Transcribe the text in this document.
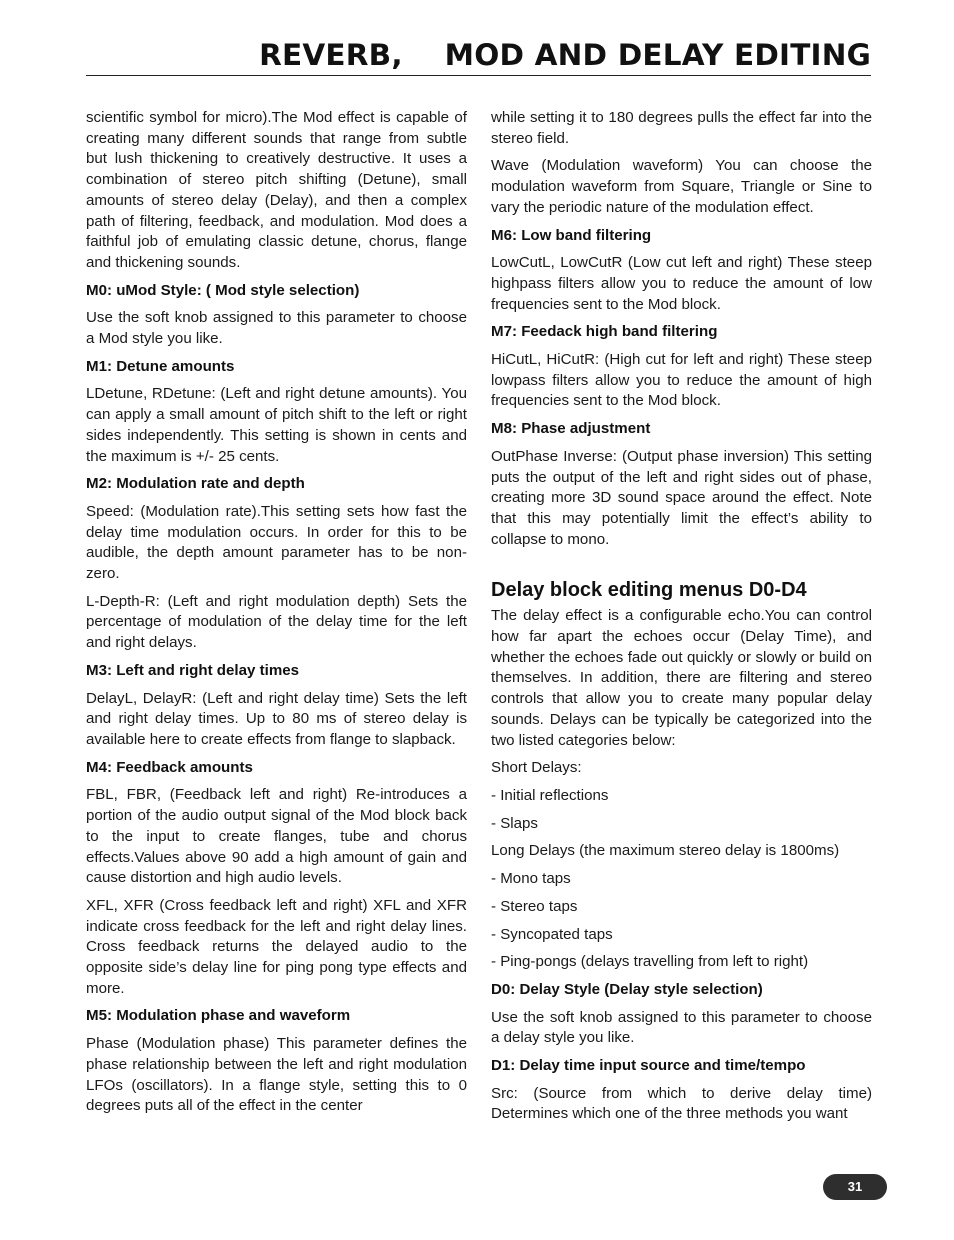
REVERB,    MOD AND DELAY EDITING

scientific symbol for micro).The Mod effect is capable of creating many different sounds that range from subtle but lush thickening to creatively destructive. It uses a combination of stereo pitch shifting (Detune), small amounts of stereo delay (Delay), and then a complex path of filtering, feedback, and modulation. Mod does a faithful job of emulating classic detune, chorus, flange and thickening sounds.

M0: uMod Style: ( Mod style selection)

Use the soft knob assigned to this parameter to choose a Mod style you like.

M1: Detune amounts

LDetune, RDetune: (Left and right detune amounts). You can apply a small amount of pitch shift to the left or right sides independently. This setting is shown in cents and the maximum is +/- 25 cents.

M2: Modulation rate and depth

Speed: (Modulation rate).This setting sets how fast the delay time modulation occurs. In order for this to be audible, the depth amount parameter has to be non-zero.

L-Depth-R: (Left and right modulation depth) Sets the percentage of modulation of the delay time for the left and right delays.

M3: Left and right delay times

DelayL, DelayR: (Left and right delay time) Sets the left and right delay times. Up to 80 ms of stereo delay is available here to create effects from flange to slapback.

M4: Feedback amounts

FBL, FBR, (Feedback left and right) Re-introduces a portion of the audio output signal of the Mod block back to the input to create flanges, tube and chorus effects.Values above 90 add a high amount of gain and cause distortion and high audio levels.

XFL, XFR (Cross feedback left and right) XFL and XFR indicate cross feedback for the left and right delay lines. Cross feedback returns the delayed audio to the opposite side’s delay line for ping pong type effects and more.

M5: Modulation phase and waveform

Phase (Modulation phase) This parameter defines the phase relationship between the left and right modulation LFOs (oscillators). In a flange style, setting this to 0 degrees puts all of the effect in the center

while setting it to 180 degrees pulls the effect far into the stereo field.

Wave (Modulation waveform) You can choose the modulation waveform from Square, Triangle or Sine to vary the periodic nature of the modulation effect.

M6: Low band filtering

LowCutL, LowCutR (Low cut left and right) These steep highpass filters allow you to reduce the amount of low frequencies sent to the Mod block.

M7: Feedack high band filtering

HiCutL, HiCutR: (High cut for left and right) These steep lowpass filters allow you to reduce the amount of high frequencies sent to the Mod block.

M8: Phase adjustment

OutPhase Inverse: (Output phase inversion) This setting puts the output of the left and right sides out of phase, creating more 3D sound space around the effect. Note that this may potentially limit the effect’s ability to collapse to mono.

Delay block editing menus D0-D4

The delay effect is a configurable echo.You can control how far apart the echoes occur (Delay Time), and whether the echoes fade out quickly or slowly or build on themselves. In addition, there are filtering and stereo controls that allow you to create many popular delay sounds. Delays can be typically be categorized into the two listed categories below:

Short Delays:

- Initial reflections

- Slaps

Long Delays (the maximum stereo delay is 1800ms)

- Mono taps

- Stereo taps

- Syncopated taps

- Ping-pongs (delays travelling from left to right)

D0: Delay Style (Delay style selection)

Use the soft knob assigned to this parameter to choose a delay style you like.

D1: Delay time input source and time/tempo

Src: (Source from which to derive delay time) Determines which one of the three methods you want

31
